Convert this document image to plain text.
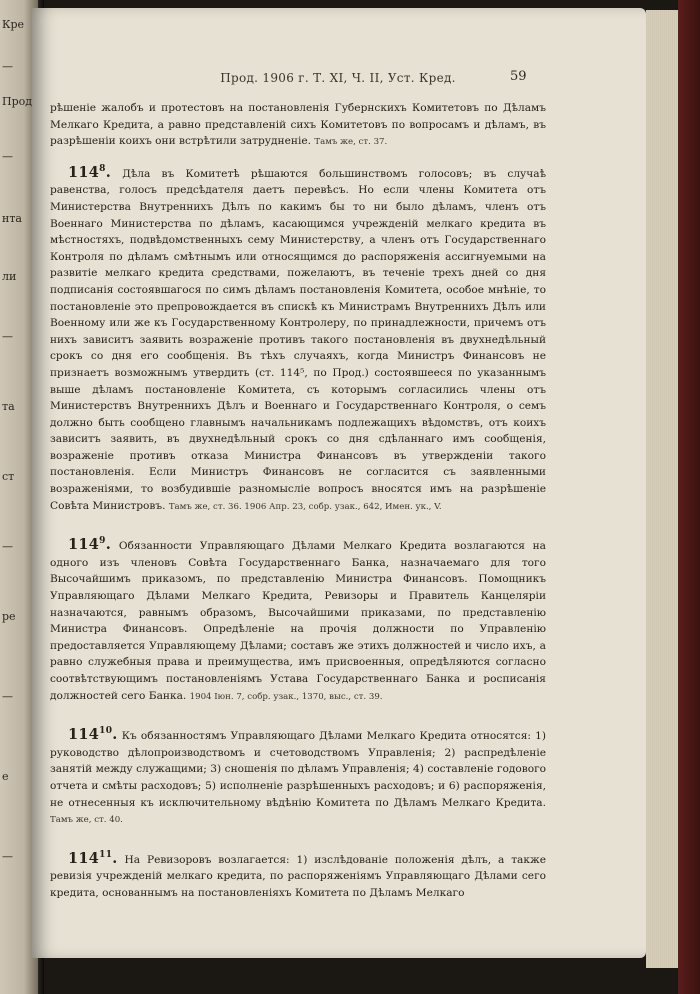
Кре
—
Прод
—
нта
ли
—
та
ст
—
ре
—
е
—
Прод. 1906 г. Т. XI, Ч. II, Уст. Кред.	59

рѣшеніе жалобъ и протестовъ на постановленія Губернскихъ Комитетовъ по Дѣламъ Мелкаго Кредита, а равно представленій сихъ Комитетовъ по вопросамъ и дѣламъ, въ разрѣшеніи коихъ они встрѣтили затрудненіе. Тамъ же, ст. 37.

$114^8$. Дѣла въ Комитетѣ рѣшаются большинствомъ голосовъ; въ случаѣ равенства, голосъ предсѣдателя даетъ перевѣсъ. Но если члены Комитета отъ Министерства Внутреннихъ Дѣлъ по какимъ бы то ни было дѣламъ, членъ отъ Военнаго Министерства по дѣламъ, касающимся учрежденій мелкаго кредита въ мѣстностяхъ, подвѣдомственныхъ сему Министерству, а членъ отъ Государственнаго Контроля по дѣламъ смѣтнымъ или относящимся до распоряженія ассигнуемыми на развитіе мелкаго кредита средствами, пожелаютъ, въ теченіе трехъ дней со дня подписанія состоявшагося по симъ дѣламъ постановленія Комитета, особое мнѣніе, то постановленіе это препровождается въ спискѣ къ Министрамъ Внутреннихъ Дѣлъ или Военному или же къ Государственному Контролеру, по принадлежности, причемъ отъ нихъ зависитъ заявить возраженіе противъ такого постановленія въ двухнедѣльный срокъ со дня его сообщенія. Въ тѣхъ случаяхъ, когда Министръ Финансовъ не признаетъ возможнымъ утвердить (ст. 114⁵, по Прод.) состоявшееся по указаннымъ выше дѣламъ постановленіе Комитета, съ которымъ согласились члены отъ Министерствъ Внутреннихъ Дѣлъ и Военнаго и Государственнаго Контроля, о семъ должно быть сообщено главнымъ начальникамъ подлежащихъ вѣдомствъ, отъ коихъ зависитъ заявить, въ двухнедѣльный срокъ со дня сдѣланнаго имъ сообщенія, возраженіе противъ отказа Министра Финансовъ въ утвержденіи такого постановленія. Если Министръ Финансовъ не согласится съ заявленными возраженіями, то возбудившіе разномысліе вопросъ вносятся имъ на разрѣшеніе Совѣта Министровъ. Тамъ же, ст. 36. 1906 Апр. 23, собр. узак., 642, Имен. ук., V.

$114^9$. Обязанности Управляющаго Дѣлами Мелкаго Кредита возлагаются на одного изъ членовъ Совѣта Государственнаго Банка, назначаемаго для того Высочайшимъ приказомъ, по представленію Министра Финансовъ. Помощникъ Управляющаго Дѣлами Мелкаго Кредита, Ревизоры и Правитель Канцеляріи назначаются, равнымъ образомъ, Высочайшими приказами, по представленію Министра Финансовъ. Опредѣленіе на прочія должности по Управленію предоставляется Управляющему Дѣлами; составъ же этихъ должностей и число ихъ, а равно служебныя права и преимущества, имъ присвоенныя, опредѣляются согласно соотвѣтствующимъ постановленіямъ Устава Государственнаго Банка и росписанія должностей сего Банка. 1904 Іюн. 7, собр. узак., 1370, выс., ст. 39.

$114^{10}$. Къ обязанностямъ Управляющаго Дѣлами Мелкаго Кредита относятся: 1) руководство дѣлопроизводствомъ и счетоводствомъ Управленія; 2) распредѣленіе занятій между служащими; 3) сношенія по дѣламъ Управленія; 4) составленіе годового отчета и смѣты расходовъ; 5) исполненіе разрѣшенныхъ расходовъ; и 6) распоряженія, не отнесенныя къ исключительному вѣдѣнію Комитета по Дѣламъ Мелкаго Кредита. Тамъ же, ст. 40.

$114^{11}$. На Ревизоровъ возлагается: 1) изслѣдованіе положенія дѣлъ, а также ревизія учрежденій мелкаго кредита, по распоряженіямъ Управляющаго Дѣлами сего кредита, основаннымъ на постановленіяхъ Комитета по Дѣламъ Мелкаго
